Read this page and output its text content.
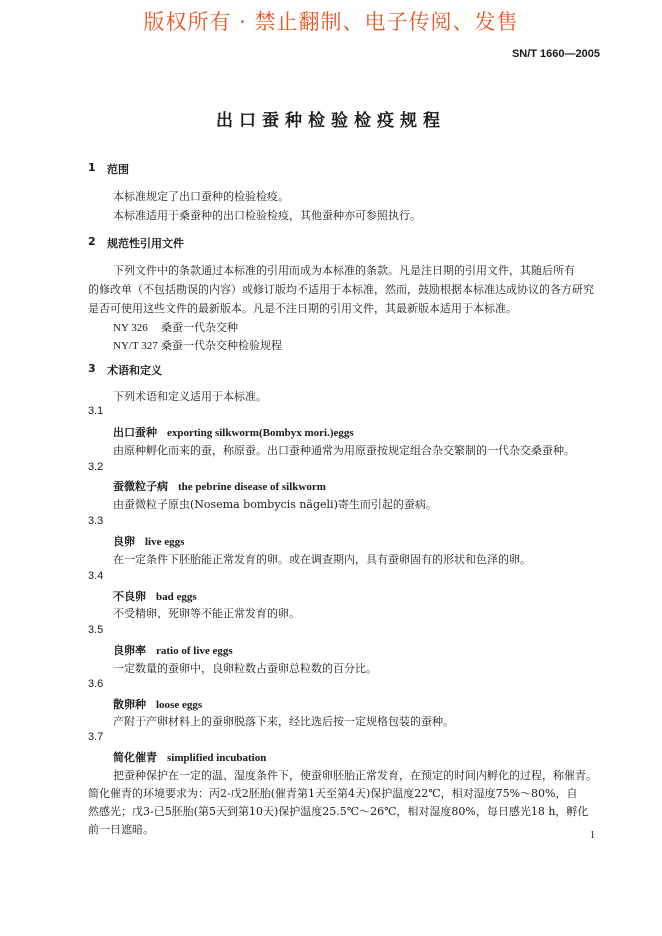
版权所有 · 禁止翻制、电子传阅、发售
SN/T 1660—2005
出口蚕种检验检疫规程
1 范围
本标准规定了出口蚕种的检验检疫。
本标准适用于桑蚕种的出口检验检疫，其他蚕种亦可参照执行。
2 规范性引用文件
下列文件中的条款通过本标准的引用而成为本标准的条款。凡是注日期的引用文件，其随后所有
的修改单（不包括勘误的内容）或修订版均不适用于本标准，然而，鼓励根据本标准达成协议的各方研究
是否可使用这些文件的最新版本。凡是不注日期的引用文件，其最新版本适用于本标准。
NY 326 桑蚕一代杂交种
NY/T 327 桑蚕一代杂交种检验规程
3 术语和定义
下列术语和定义适用于本标准。
3.1
出口蚕种 exporting silkworm(Bombyx mori.)eggs
由原种孵化而来的蚕，称原蚕。出口蚕种通常为用原蚕按规定组合杂交繁制的一代杂交桑蚕种。
3.2
蚕微粒子病 the pebrine disease of silkworm
由蚕微粒子原虫(Nosema bombycis nägeli)寄生而引起的蚕病。
3.3
良卵 live eggs
在一定条件下胚胎能正常发育的卵。或在调查期内，具有蚕卵固有的形状和色泽的卵。
3.4
不良卵 bad eggs
不受精卵、死卵等不能正常发育的卵。
3.5
良卵率 ratio of live eggs
一定数量的蚕卵中，良卵粒数占蚕卵总粒数的百分比。
3.6
散卵种 loose eggs
产附于产卵材料上的蚕卵脱落下来，经比选后按一定规格包装的蚕种。
3.7
简化催青 simplified incubation
把蚕种保护在一定的温、湿度条件下，使蚕卵胚胎正常发育，在预定的时间内孵化的过程，称催青。
简化催青的环境要求为：丙2-戊2胚胎(催青第1天至第4天)保护温度22℃，相对湿度75%～80%，自
然感光；戊3-已5胚胎(第5天到第10天)保护温度25.5℃～26℃，相对湿度80%，每日感光18 h，孵化
前一日遮暗。	1
